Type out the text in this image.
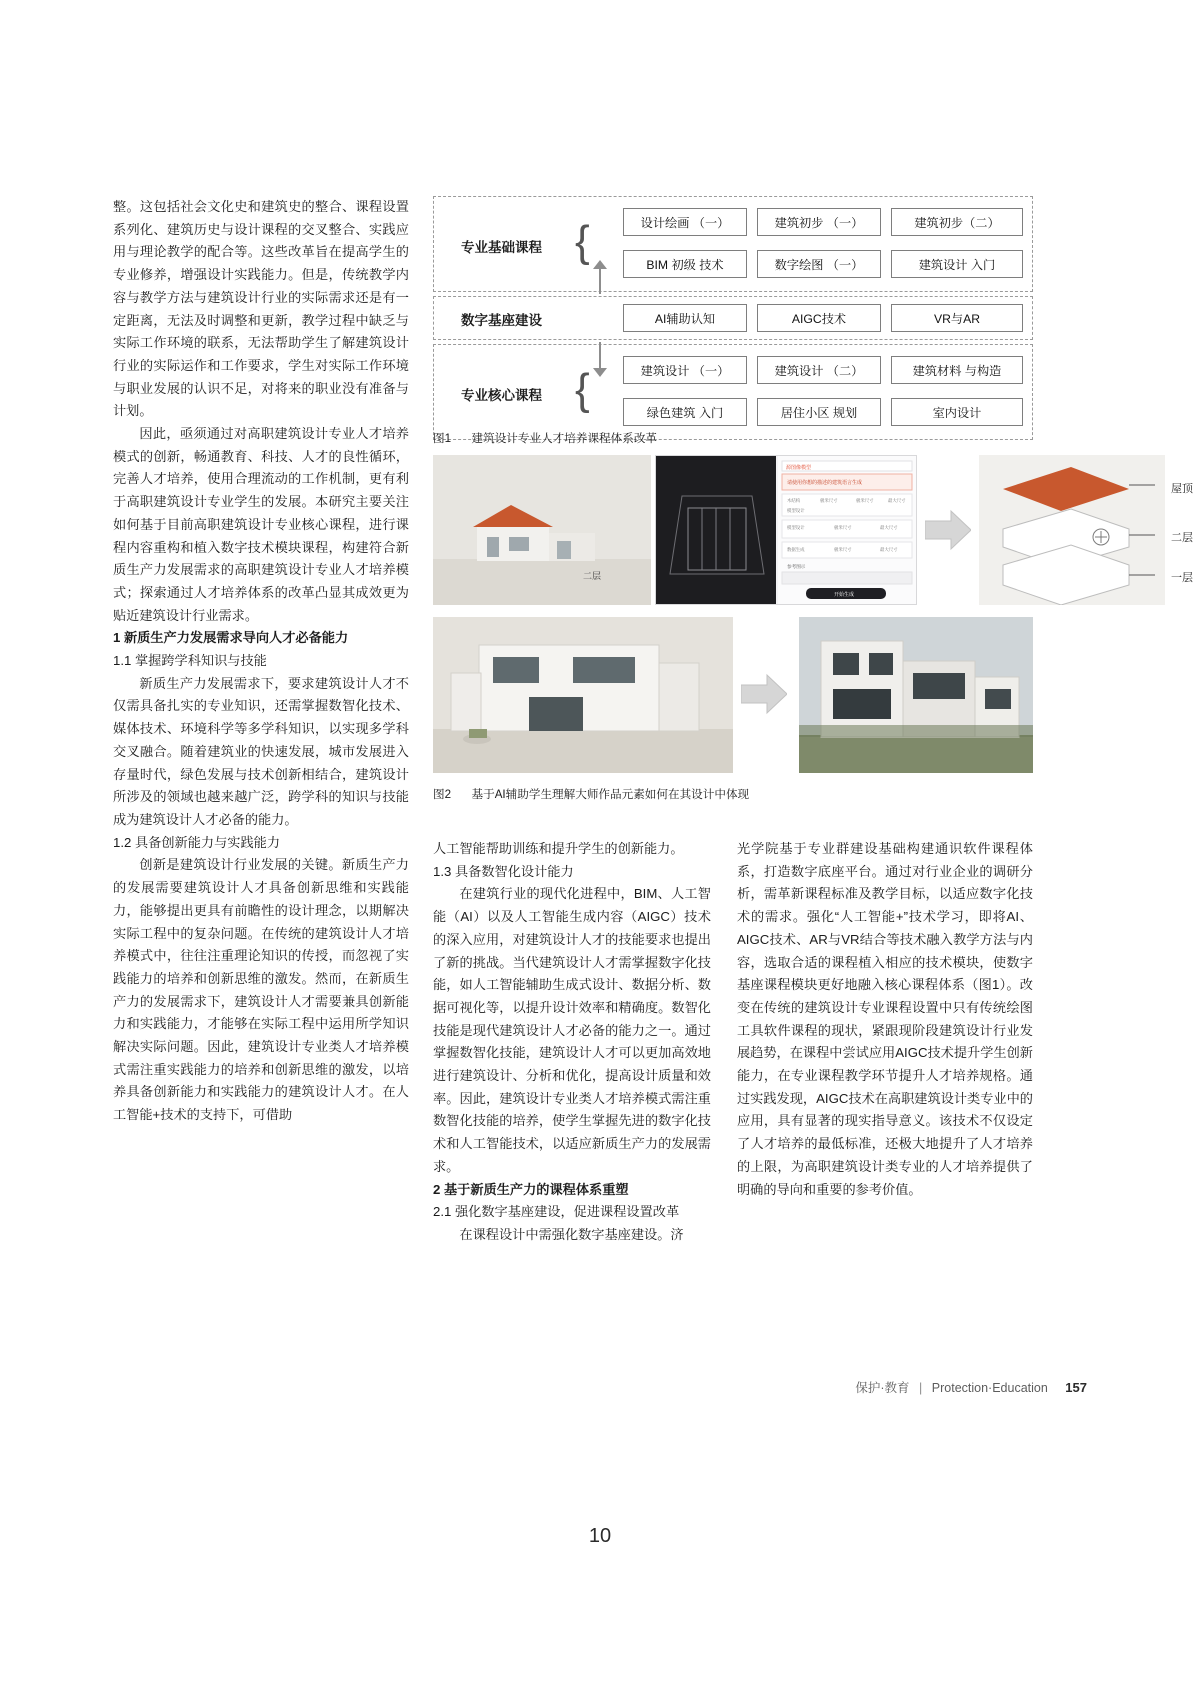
整。这包括社会文化史和建筑史的整合、课程设置系列化、建筑历史与设计课程的交叉整合、实践应用与理论教学的配合等。这些改革旨在提高学生的专业修养，增强设计实践能力。但是，传统教学内容与教学方法与建筑设计行业的实际需求还是有一定距离，无法及时调整和更新，教学过程中缺乏与实际工作环境的联系，无法帮助学生了解建筑设计行业的实际运作和工作要求，学生对实际工作环境与职业发展的认识不足，对将来的职业没有准备与计划。

因此，亟须通过对高职建筑设计专业人才培养模式的创新，畅通教育、科技、人才的良性循环，完善人才培养，使用合理流动的工作机制，更有利于高职建筑设计专业学生的发展。本研究主要关注如何基于目前高职建筑设计专业核心课程，进行课程内容重构和植入数字技术模块课程，构建符合新质生产力发展需求的高职建筑设计专业人才培养模式；探索通过人才培养体系的改革凸显其成效更为贴近建筑设计行业需求。

1 新质生产力发展需求导向人才必备能力

1.1 掌握跨学科知识与技能

新质生产力发展需求下，要求建筑设计人才不仅需具备扎实的专业知识，还需掌握数智化技术、媒体技术、环境科学等多学科知识，以实现多学科交叉融合。随着建筑业的快速发展，城市发展进入存量时代，绿色发展与技术创新相结合，建筑设计所涉及的领域也越来越广泛，跨学科的知识与技能成为建筑设计人才必备的能力。

1.2 具备创新能力与实践能力

创新是建筑设计行业发展的关键。新质生产力的发展需要建筑设计人才具备创新思维和实践能力，能够提出更具有前瞻性的设计理念，以期解决实际工程中的复杂问题。在传统的建筑设计人才培养模式中，往往注重理论知识的传授，而忽视了实践能力的培养和创新思维的激发。然而，在新质生产力的发展需求下，建筑设计人才需要兼具创新能力和实践能力，才能够在实际工程中运用所学知识解决实际问题。因此，建筑设计专业类人才培养模式需注重实践能力的培养和创新思维的激发，以培养具备创新能力和实践能力的建筑设计人才。在人工智能+技术的支持下，可借助

人工智能帮助训练和提升学生的创新能力。

1.3 具备数智化设计能力

在建筑行业的现代化进程中，BIM、人工智能（AI）以及人工智能生成内容（AIGC）技术的深入应用，对建筑设计人才的技能要求也提出了新的挑战。当代建筑设计人才需掌握数字化技能，如人工智能辅助生成式设计、数据分析、数据可视化等，以提升设计效率和精确度。数智化技能是现代建筑设计人才必备的能力之一。通过掌握数智化技能，建筑设计人才可以更加高效地进行建筑设计、分析和优化，提高设计质量和效率。因此，建筑设计专业类人才培养模式需注重数智化技能的培养，使学生掌握先进的数字化技术和人工智能技术，以适应新质生产力的发展需求。

2 基于新质生产力的课程体系重塑

2.1 强化数字基座建设，促进课程设置改革

在课程设计中需强化数字基座建设。济

光学院基于专业群建设基础构建通识软件课程体系，打造数字底座平台。通过对行业企业的调研分析，需革新课程标准及教学目标，以适应数字化技术的需求。强化“人工智能+”技术学习，即将AI、AIGC技术、AR与VR结合等技术融入教学方法与内容，选取合适的课程植入相应的技术模块，使数字基座课程模块更好地融入核心课程体系（图1）。改变在传统的建筑设计专业课程设置中只有传统绘图工具软件课程的现状，紧跟现阶段建筑设计行业发展趋势，在课程中尝试应用AIGC技术提升学生创新能力，在专业课程教学环节提升人才培养规格。通过实践发现，AIGC技术在高职建筑设计类专业中的应用，具有显著的现实指导意义。该技术不仅设定了人才培养的最低标准，还极大地提升了人才培养的上限，为高职建筑设计类专业的人才培养提供了明确的导向和重要的参考价值。

专业基础课程
数字基座建设
专业核心课程
{
{
设计绘画 （一）	建筑初步 （一）	建筑初步（二）
BIM 初级 技术	数字绘图 （一）	建筑设计 入门
AI辅助认知	AIGC技术	VR与AR
建筑设计 （一）	建筑设计 （二）	建筑材料 与构造
绿色建筑 入门	居住小区 规划	室内设计
图1 建筑设计专业人才培养课程体系改革
二层
源图像模型
请使用你想的描述的建筑语言生成
木结构	极米尺寸	极米尺寸	最大尺寸
模型设计
模型设计	极米尺寸	最大尺寸
数据生成	极米尺寸	最大尺寸
参考图示
开始生成
屋顶
二层
一层
图2 基于AI辅助学生理解大师作品元素如何在其设计中体现
保护·教育 | Protection·Education 157
10
